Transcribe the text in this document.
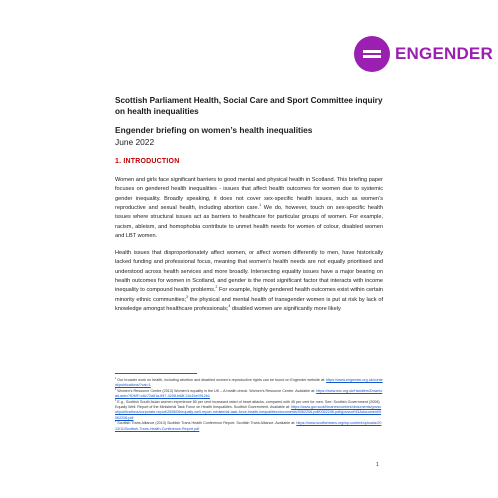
ENGENDER
Scottish Parliament Health, Social Care and Sport Committee inquiry on health inequalities
Engender briefing on women’s health inequalities
June 2022
1. INTRODUCTION
Women and girls face significant barriers to good mental and physical health in Scotland. This briefing paper focuses on gendered health inequalities - issues that affect health outcomes for women due to systemic gender inequality. Broadly speaking, it does not cover sex-specific health issues, such as women’s reproductive and sexual health, including abortion care.$^1$ We do, however, touch on sex-specific health issues where structural issues act as barriers to healthcare for particular groups of women. For example, racism, ableism, and homophobia contribute to unmet health needs for women of colour, disabled women and LBT women.
Health issues that disproportionately affect women, or affect women differently to men, have historically lacked funding and professional focus, meaning that women’s health needs are not equally prioritised and understood across health services and more broadly. Intersecting equality issues have a major bearing on health outcomes for women in Scotland, and gender is the most significant factor that interacts with income inequality to compound health problems.$^2$ For example, highly gendered health outcomes exist within certain minority ethnic communities;$^3$ the physical and mental health of transgender women is put at risk by lack of knowledge amongst healthcare professionals;$^4$ disabled women are significantly more likely

$^1$ Our broader work on health, including abortion and disabled women’s reproductive rights can be found on Engender website at: https://www.engender.org.uk/content/publications/?cat=1

$^2$ Women’s Resource Centre (2013) Women’s equality in the UK – A health check. Women’s Resource Centre. Available at: https://www.wrc.org.uk/Handlers/Download.ashx?IDMF=c6c72a51a-ff47-4208-b68f-24c15e0912b1

$^3$ E.g., Scottish South Asian women experience 80 per cent increased rated of heart attacks, compared with 45 per cent for men. See: Scottish Government (2008) Equally Well: Report of the Ministerial Task Force on Health Inequalities. Scottish Government. Available at: https://www.gov.scot/binaries/content/documents/govscot/publications/corporate-report/2008/06/equally-well-report-ministerial-task-force-health-inequalities/documents/0062206-pdf/0062206-pdf/govscot%3Adocument/0062206.pdf

$^4$ Scottish Trans Alliance (2013) Scottish Trans Health Conference Report. Scottish Trans Alliance. Available at: https://www.scottishtrans.org/wp-content/uploads/2013/11/Scottish-Trans-Health-Conference-Report.pdf

1
